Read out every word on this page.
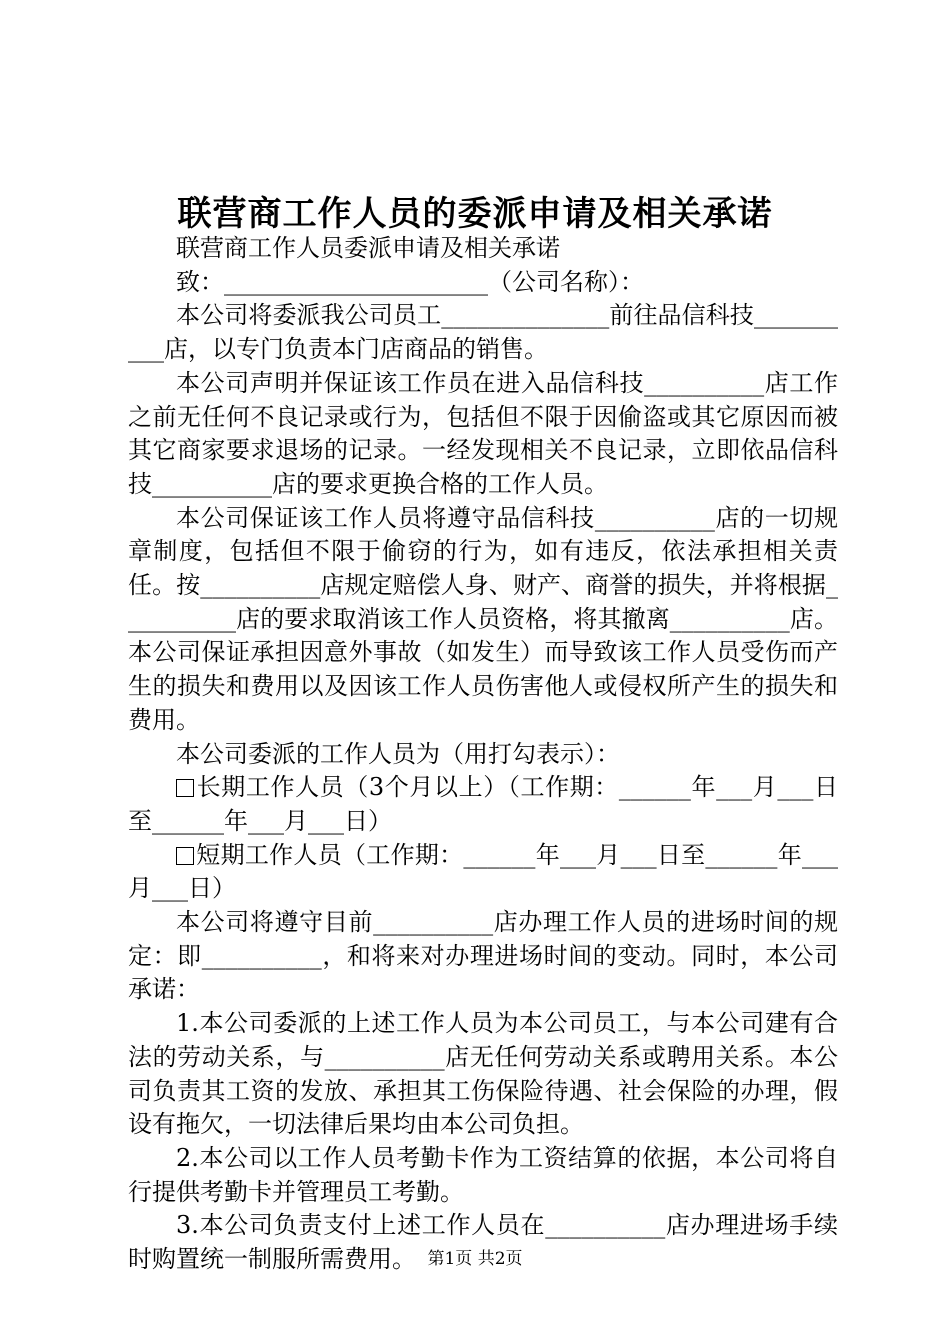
联营商工作人员的委派申请及相关承诺

联营商工作人员委派申请及相关承诺

致：______________________（公司名称）：

本公司将委派我公司员工______________前往品信科技__________店，以专门负责本门店商品的销售。

本公司声明并保证该工作员在进入品信科技__________店工作之前无任何不良记录或行为，包括但不限于因偷盗或其它原因而被其它商家要求退场的记录。一经发现相关不良记录，立即依品信科技__________店的要求更换合格的工作人员。

本公司保证该工作人员将遵守品信科技__________店的一切规章制度，包括但不限于偷窃的行为，如有违反，依法承担相关责任。按__________店规定赔偿人身、财产、商誉的损失，并将根据__________店的要求取消该工作人员资格，将其撤离__________店。本公司保证承担因意外事故（如发生）而导致该工作人员受伤而产生的损失和费用以及因该工作人员伤害他人或侵权所产生的损失和费用。

本公司委派的工作人员为（用打勾表示）：

长期工作人员（3个月以上）（工作期：______年___月___日至______年___月___日）

短期工作人员（工作期：______年___月___日至______年___月___日）

本公司将遵守目前__________店办理工作人员的进场时间的规定：即__________，和将来对办理进场时间的变动。同时，本公司承诺：

1.本公司委派的上述工作人员为本公司员工，与本公司建有合法的劳动关系，与__________店无任何劳动关系或聘用关系。本公司负责其工资的发放、承担其工伤保险待遇、社会保险的办理，假设有拖欠，一切法律后果均由本公司负担。

2.本公司以工作人员考勤卡作为工资结算的依据，本公司将自行提供考勤卡并管理员工考勤。

3.本公司负责支付上述工作人员在__________店办理进场手续时购置统一制服所需费用。 第1页 共2页
